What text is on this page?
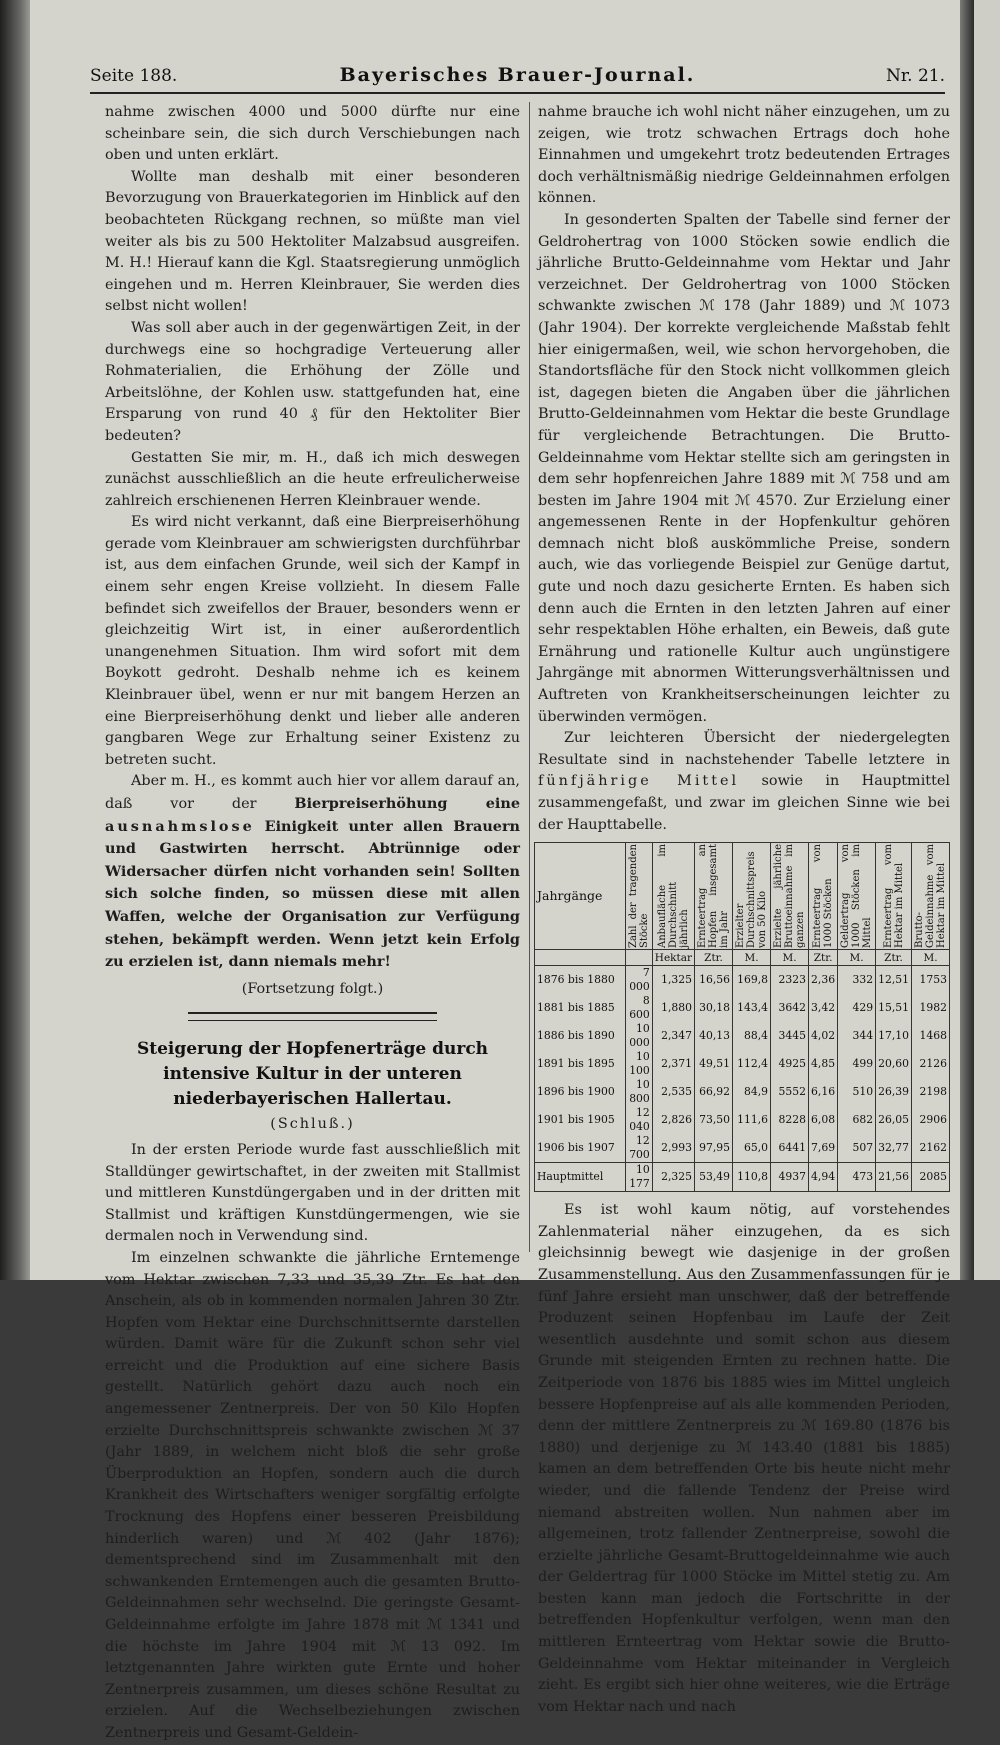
Seite 188.	Bayerisches Brauer-Journal.	Nr. 21.

nahme zwischen 4000 und 5000 dürfte nur eine scheinbare sein, die sich durch Verschiebungen nach oben und unten erklärt.

Wollte man deshalb mit einer besonderen Bevorzugung von Brauerkategorien im Hinblick auf den beobachteten Rückgang rechnen, so müßte man viel weiter als bis zu 500 Hektoliter Malzabsud ausgreifen. M. H.! Hierauf kann die Kgl. Staatsregierung unmöglich eingehen und m. Herren Kleinbrauer, Sie werden dies selbst nicht wollen!

Was soll aber auch in der gegenwärtigen Zeit, in der durchwegs eine so hochgradige Verteuerung aller Rohmaterialien, die Erhöhung der Zölle und Arbeitslöhne, der Kohlen usw. stattgefunden hat, eine Ersparung von rund 40 ₰ für den Hektoliter Bier bedeuten?

Gestatten Sie mir, m. H., daß ich mich deswegen zunächst ausschließlich an die heute erfreulicherweise zahlreich erschienenen Herren Kleinbrauer wende.

Es wird nicht verkannt, daß eine Bierpreiserhöhung gerade vom Kleinbrauer am schwierigsten durchführbar ist, aus dem einfachen Grunde, weil sich der Kampf in einem sehr engen Kreise vollzieht. In diesem Falle befindet sich zweifellos der Brauer, besonders wenn er gleichzeitig Wirt ist, in einer außerordentlich unangenehmen Situation. Ihm wird sofort mit dem Boykott gedroht. Deshalb nehme ich es keinem Kleinbrauer übel, wenn er nur mit bangem Herzen an eine Bierpreiserhöhung denkt und lieber alle anderen gangbaren Wege zur Erhaltung seiner Existenz zu betreten sucht.

Aber m. H., es kommt auch hier vor allem darauf an, daß vor der	Bierpreiserhöhung eine ausnahmslose Einigkeit unter allen Brauern und Gastwirten herrscht. Abtrünnige oder Widersacher dürfen nicht vorhanden sein! Sollten sich solche finden, so müssen diese mit allen Waffen, welche der Organisation zur Verfügung stehen, bekämpft werden. Wenn jetzt kein Erfolg zu erzielen ist, dann niemals mehr!

(Fortsetzung folgt.)

Steigerung der Hopfenerträge durch intensive Kultur in der unteren niederbayerischen Hallertau.
(Schluß.)

In der ersten Periode wurde fast ausschließlich mit Stalldünger gewirtschaftet, in der zweiten mit Stallmist und mittleren Kunstdüngergaben und in der dritten mit Stallmist und kräftigen Kunstdüngermengen, wie sie dermalen noch in Verwendung sind.

Im einzelnen schwankte die jährliche Erntemenge vom Hektar zwischen 7,33 und 35,39 Ztr. Es hat den Anschein, als ob in kommenden normalen Jahren 30 Ztr. Hopfen vom Hektar eine Durchschnittsernte darstellen würden. Damit wäre für die Zukunft schon sehr viel erreicht und die Produktion auf eine sichere Basis gestellt. Natürlich gehört dazu auch noch ein angemessener Zentnerpreis. Der von 50 Kilo Hopfen erzielte Durchschnittspreis schwankte zwischen ℳ 37 (Jahr 1889, in welchem nicht bloß die sehr große Überproduktion an Hopfen, sondern auch die durch Krankheit des Wirtschafters weniger sorgfältig erfolgte Trocknung des Hopfens einer besseren Preisbildung hinderlich waren) und ℳ 402 (Jahr 1876); dementsprechend sind im Zusammenhalt mit den schwankenden Erntemengen auch die gesamten Brutto-Geldeinnahmen sehr wechselnd. Die geringste Gesamt-Geldeinnahme erfolgte im Jahre 1878 mit ℳ 1341 und die höchste im Jahre 1904 mit ℳ 13 092. Im letztgenannten Jahre wirkten gute Ernte und hoher Zentnerpreis zusammen, um dieses schöne Resultat zu erzielen. Auf die Wechselbeziehungen zwischen Zentnerpreis und Gesamt-Geldein-

nahme brauche ich wohl nicht näher einzugehen, um zu zeigen, wie trotz schwachen Ertrags doch hohe Einnahmen und umgekehrt trotz bedeutenden Ertrages doch verhältnismäßig niedrige Geldeinnahmen erfolgen können.

In gesonderten Spalten der Tabelle sind ferner der Geldrohertrag von 1000 Stöcken sowie endlich die jährliche Brutto-Geldeinnahme vom Hektar und Jahr verzeichnet. Der Geldrohertrag von 1000 Stöcken schwankte zwischen ℳ 178 (Jahr 1889) und ℳ 1073 (Jahr 1904). Der korrekte vergleichende Maßstab fehlt hier einigermaßen, weil, wie schon hervorgehoben, die Standortsfläche für den Stock nicht vollkommen gleich ist, dagegen bieten die Angaben über die jährlichen Brutto-Geldeinnahmen vom Hektar die beste Grundlage für vergleichende Betrachtungen. Die Brutto-Geldeinnahme vom Hektar stellte sich am geringsten in dem sehr hopfenreichen Jahre 1889 mit ℳ 758 und am besten im Jahre 1904 mit ℳ 4570. Zur Erzielung einer angemessenen Rente in der Hopfenkultur gehören demnach nicht bloß auskömmliche Preise, sondern auch, wie das vorliegende Beispiel zur Genüge dartut, gute und noch dazu gesicherte Ernten. Es haben sich denn auch die Ernten in den letzten Jahren auf einer sehr respektablen Höhe erhalten, ein Beweis, daß gute Ernährung und rationelle Kultur auch ungünstigere Jahrgänge mit abnormen Witterungsverhältnissen und Auftreten von Krankheitserscheinungen leichter zu überwinden vermögen.

Zur leichteren Übersicht der niedergelegten Resultate sind in nachstehender Tabelle letztere in fünfjährige Mittel sowie in Hauptmittel zusammengefaßt, und zwar im gleichen Sinne wie bei der Haupttabelle.

Jahrgänge	Zahl der tragenden Stöcke	Anbaufläche im Durchschnitt jährlich	Ernteertrag an Hopfen insgesamt im Jahr	Erzielter Durchschnittspreis von 50 Kilo	Erzielte jährliche Bruttoeinnahme im ganzen	Ernteertrag von 1000 Stöcken	Geldertrag von 1000 Stöcken im Mittel	Ernteertrag vom Hektar im Mittel	Brutto-Geldeinnahme vom Hektar im Mittel

		Hektar	Ztr.	M.	M.	Ztr.	M.	Ztr.	M.
1876 bis 1880	7 000	1,325	16,56	169,8	2323	2,36	332	12,51	1753
1881 bis 1885	8 600	1,880	30,18	143,4	3642	3,42	429	15,51	1982
1886 bis 1890	10 000	2,347	40,13	88,4	3445	4,02	344	17,10	1468
1891 bis 1895	10 100	2,371	49,51	112,4	4925	4,85	499	20,60	2126
1896 bis 1900	10 800	2,535	66,92	84,9	5552	6,16	510	26,39	2198
1901 bis 1905	12 040	2,826	73,50	111,6	8228	6,08	682	26,05	2906
1906 bis 1907	12 700	2,993	97,95	65,0	6441	7,69	507	32,77	2162
Hauptmittel	10 177	2,325	53,49	110,8	4937	4,94	473	21,56	2085

Es ist wohl kaum nötig, auf vorstehendes Zahlenmaterial näher einzugehen, da es sich gleichsinnig bewegt wie dasjenige in der großen Zusammenstellung. Aus den Zusammenfassungen für je fünf Jahre ersieht man unschwer, daß der betreffende Produzent seinen Hopfenbau im Laufe der Zeit wesentlich ausdehnte und somit schon aus diesem Grunde mit steigenden Ernten zu rechnen hatte. Die Zeitperiode von 1876 bis 1885 wies im Mittel ungleich bessere Hopfenpreise auf als alle kommenden Perioden, denn der mittlere Zentnerpreis zu ℳ 169.80 (1876 bis 1880) und derjenige zu ℳ 143.40 (1881 bis 1885) kamen an dem betreffenden Orte bis heute nicht mehr wieder, und die fallende Tendenz der Preise wird niemand abstreiten wollen. Nun nahmen aber im allgemeinen, trotz fallender Zentnerpreise, sowohl die erzielte jährliche Gesamt-Bruttogeldeinnahme wie auch der Geldertrag für 1000 Stöcke im Mittel stetig zu. Am besten kann man jedoch die Fortschritte in der betreffenden Hopfenkultur verfolgen, wenn man den mittleren Ernteertrag vom Hektar sowie die Brutto-Geldeinnahme vom Hektar miteinander in Vergleich zieht. Es ergibt sich hier ohne weiteres, wie die Erträge vom Hektar nach und nach
